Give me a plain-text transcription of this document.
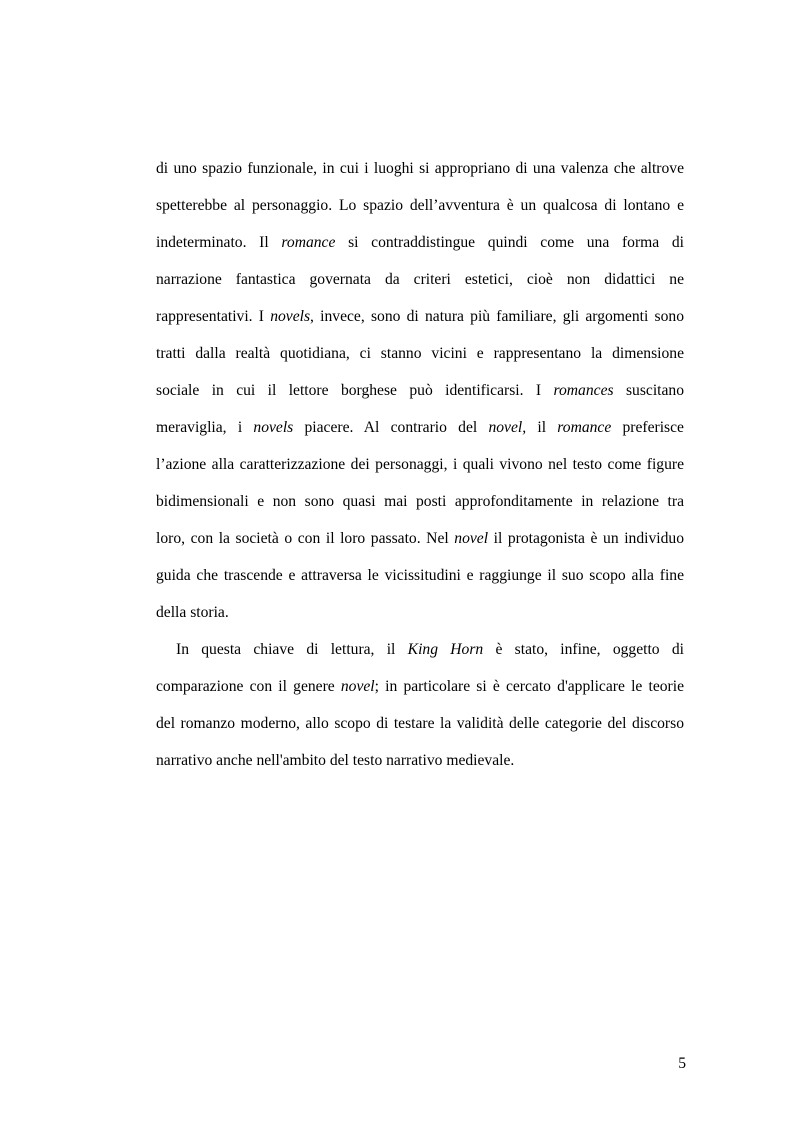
di uno spazio funzionale, in cui i luoghi si appropriano di una valenza che altrove
spetterebbe al personaggio. Lo spazio dell’avventura è un qualcosa di lontano e
indeterminato. Il romance si contraddistingue quindi come una forma di
narrazione fantastica governata da criteri estetici, cioè non didattici ne
rappresentativi. I novels, invece, sono di natura più familiare, gli argomenti sono
tratti dalla realtà quotidiana, ci stanno vicini e rappresentano la dimensione
sociale in cui il lettore borghese può identificarsi. I romances suscitano
meraviglia, i novels piacere. Al contrario del novel, il romance preferisce
l’azione alla caratterizzazione dei personaggi, i quali vivono nel testo come figure
bidimensionali e non sono quasi mai posti approfonditamente in relazione tra
loro, con la società o con il loro passato. Nel novel il protagonista è un individuo
guida che trascende e attraversa le vicissitudini e raggiunge il suo scopo alla fine
della storia.
In questa chiave di lettura, il King Horn è stato, infine, oggetto di
comparazione con il genere novel; in particolare si è cercato d'applicare le teorie
del romanzo moderno, allo scopo di testare la validità delle categorie del discorso
narrativo anche nell'ambito del testo narrativo medievale.
5
